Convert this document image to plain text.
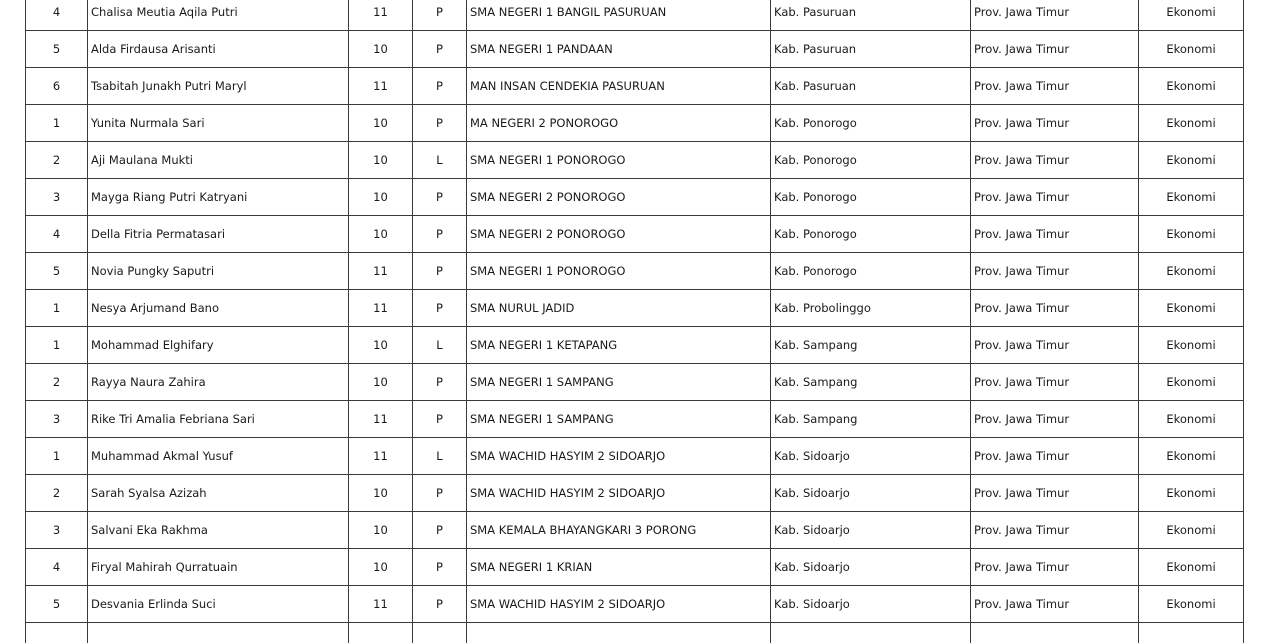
4	Chalisa Meutia Aqila Putri	11	P	SMA NEGERI 1 BANGIL PASURUAN	Kab. Pasuruan	Prov. Jawa Timur	Ekonomi
5	Alda Firdausa Arisanti	10	P	SMA NEGERI 1 PANDAAN	Kab. Pasuruan	Prov. Jawa Timur	Ekonomi
6	Tsabitah Junakh Putri Maryl	11	P	MAN INSAN CENDEKIA PASURUAN	Kab. Pasuruan	Prov. Jawa Timur	Ekonomi
1	Yunita Nurmala Sari	10	P	MA NEGERI 2 PONOROGO	Kab. Ponorogo	Prov. Jawa Timur	Ekonomi
2	Aji Maulana Mukti	10	L	SMA NEGERI 1 PONOROGO	Kab. Ponorogo	Prov. Jawa Timur	Ekonomi
3	Mayga Riang Putri Katryani	10	P	SMA NEGERI 2 PONOROGO	Kab. Ponorogo	Prov. Jawa Timur	Ekonomi
4	Della Fitria Permatasari	10	P	SMA NEGERI 2 PONOROGO	Kab. Ponorogo	Prov. Jawa Timur	Ekonomi
5	Novia Pungky Saputri	11	P	SMA NEGERI 1 PONOROGO	Kab. Ponorogo	Prov. Jawa Timur	Ekonomi
1	Nesya Arjumand Bano	11	P	SMA NURUL JADID	Kab. Probolinggo	Prov. Jawa Timur	Ekonomi
1	Mohammad Elghifary	10	L	SMA NEGERI 1 KETAPANG	Kab. Sampang	Prov. Jawa Timur	Ekonomi
2	Rayya Naura Zahira	10	P	SMA NEGERI 1 SAMPANG	Kab. Sampang	Prov. Jawa Timur	Ekonomi
3	Rike Tri Amalia Febriana Sari	11	P	SMA NEGERI 1 SAMPANG	Kab. Sampang	Prov. Jawa Timur	Ekonomi
1	Muhammad Akmal Yusuf	11	L	SMA WACHID HASYIM 2 SIDOARJO	Kab. Sidoarjo	Prov. Jawa Timur	Ekonomi
2	Sarah Syalsa Azizah	10	P	SMA WACHID HASYIM 2 SIDOARJO	Kab. Sidoarjo	Prov. Jawa Timur	Ekonomi
3	Salvani Eka Rakhma	10	P	SMA KEMALA BHAYANGKARI 3 PORONG	Kab. Sidoarjo	Prov. Jawa Timur	Ekonomi
4	Firyal Mahirah Qurratuain	10	P	SMA NEGERI 1 KRIAN	Kab. Sidoarjo	Prov. Jawa Timur	Ekonomi
5	Desvania Erlinda Suci	11	P	SMA WACHID HASYIM 2 SIDOARJO	Kab. Sidoarjo	Prov. Jawa Timur	Ekonomi
